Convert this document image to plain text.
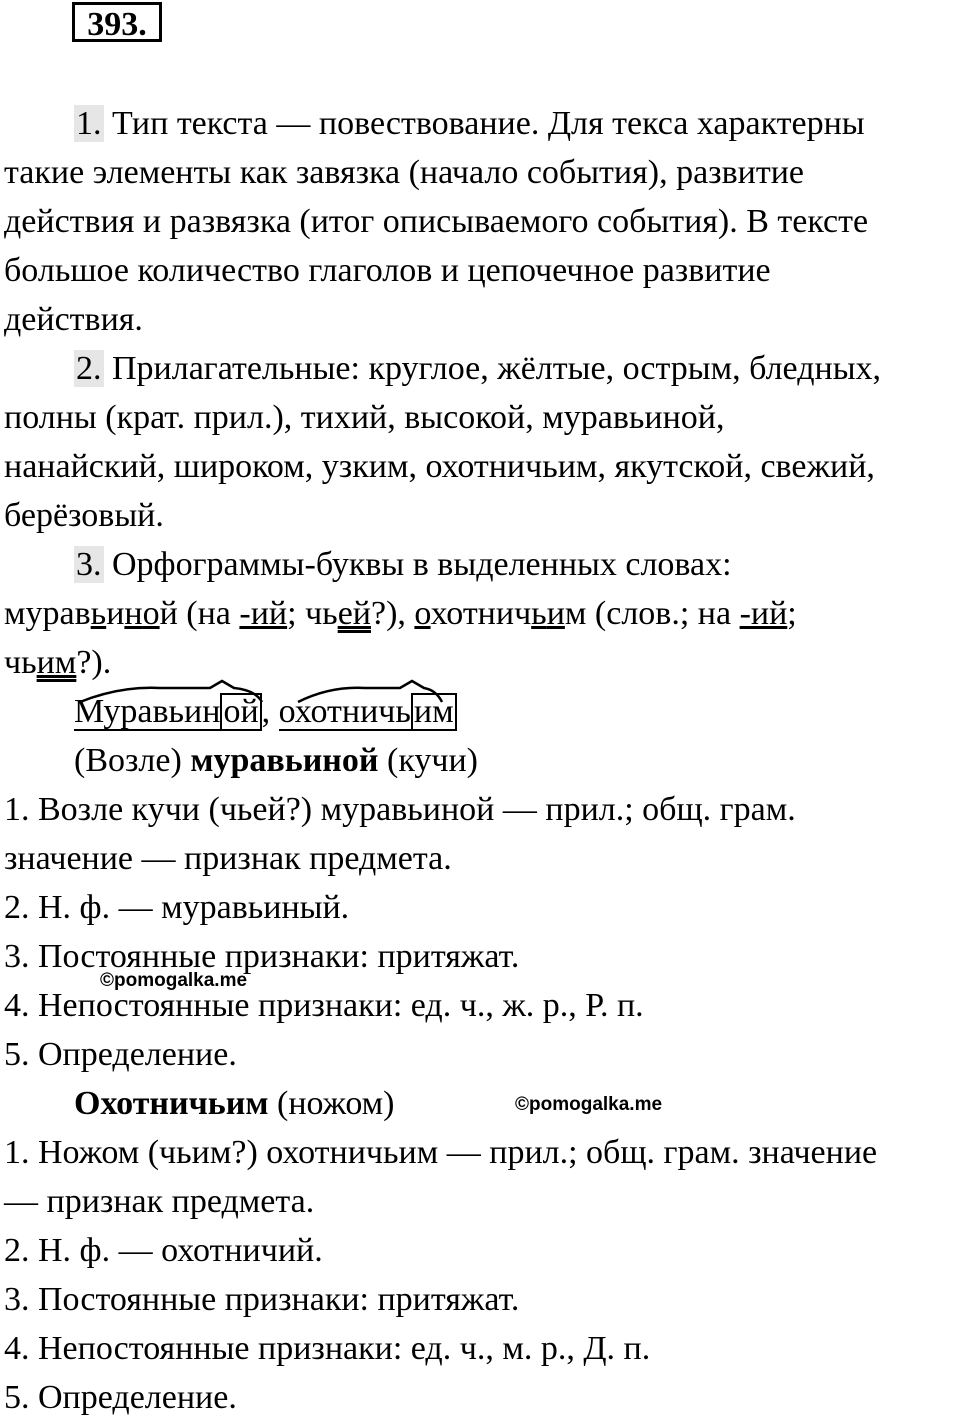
393.
1. Тип текста — повествование. Для текса характерны
такие элементы как завязка (начало события), развитие
действия и развязка (итог описываемого события). В тексте
большое количество глаголов и цепочечное развитие
действия.
2. Прилагательные: круглое, жёлтые, острым, бледных,
полны (крат. прил.), тихий, высокой, муравьиной,
нанайский, широком, узким, охотничьим, якутской, свежий,
берёзовый.
3. Орфограммы-буквы в выделенных словах:
муравьиной (на -ий; чьей?), охотничьим (слов.; на -ий;
чьим?).
Муравьиной, охотничьим
(Возле) муравьиной (кучи)
1. Возле кучи (чьей?) муравьиной — прил.; общ. грам.
значение — признак предмета.
2. Н. ф. — муравьиный.
3. Постоянные признаки: притяжат.
©pomogalka.me
4. Непостоянные признаки: ед. ч., ж. р., Р. п.
5. Определение.
Охотничьим (ножом)	©pomogalka.me
1. Ножом (чьим?) охотничьим — прил.; общ. грам. значение
— признак предмета.
2. Н. ф. — охотничий.
3. Постоянные признаки: притяжат.
4. Непостоянные признаки: ед. ч., м. р., Д. п.
5. Определение.
